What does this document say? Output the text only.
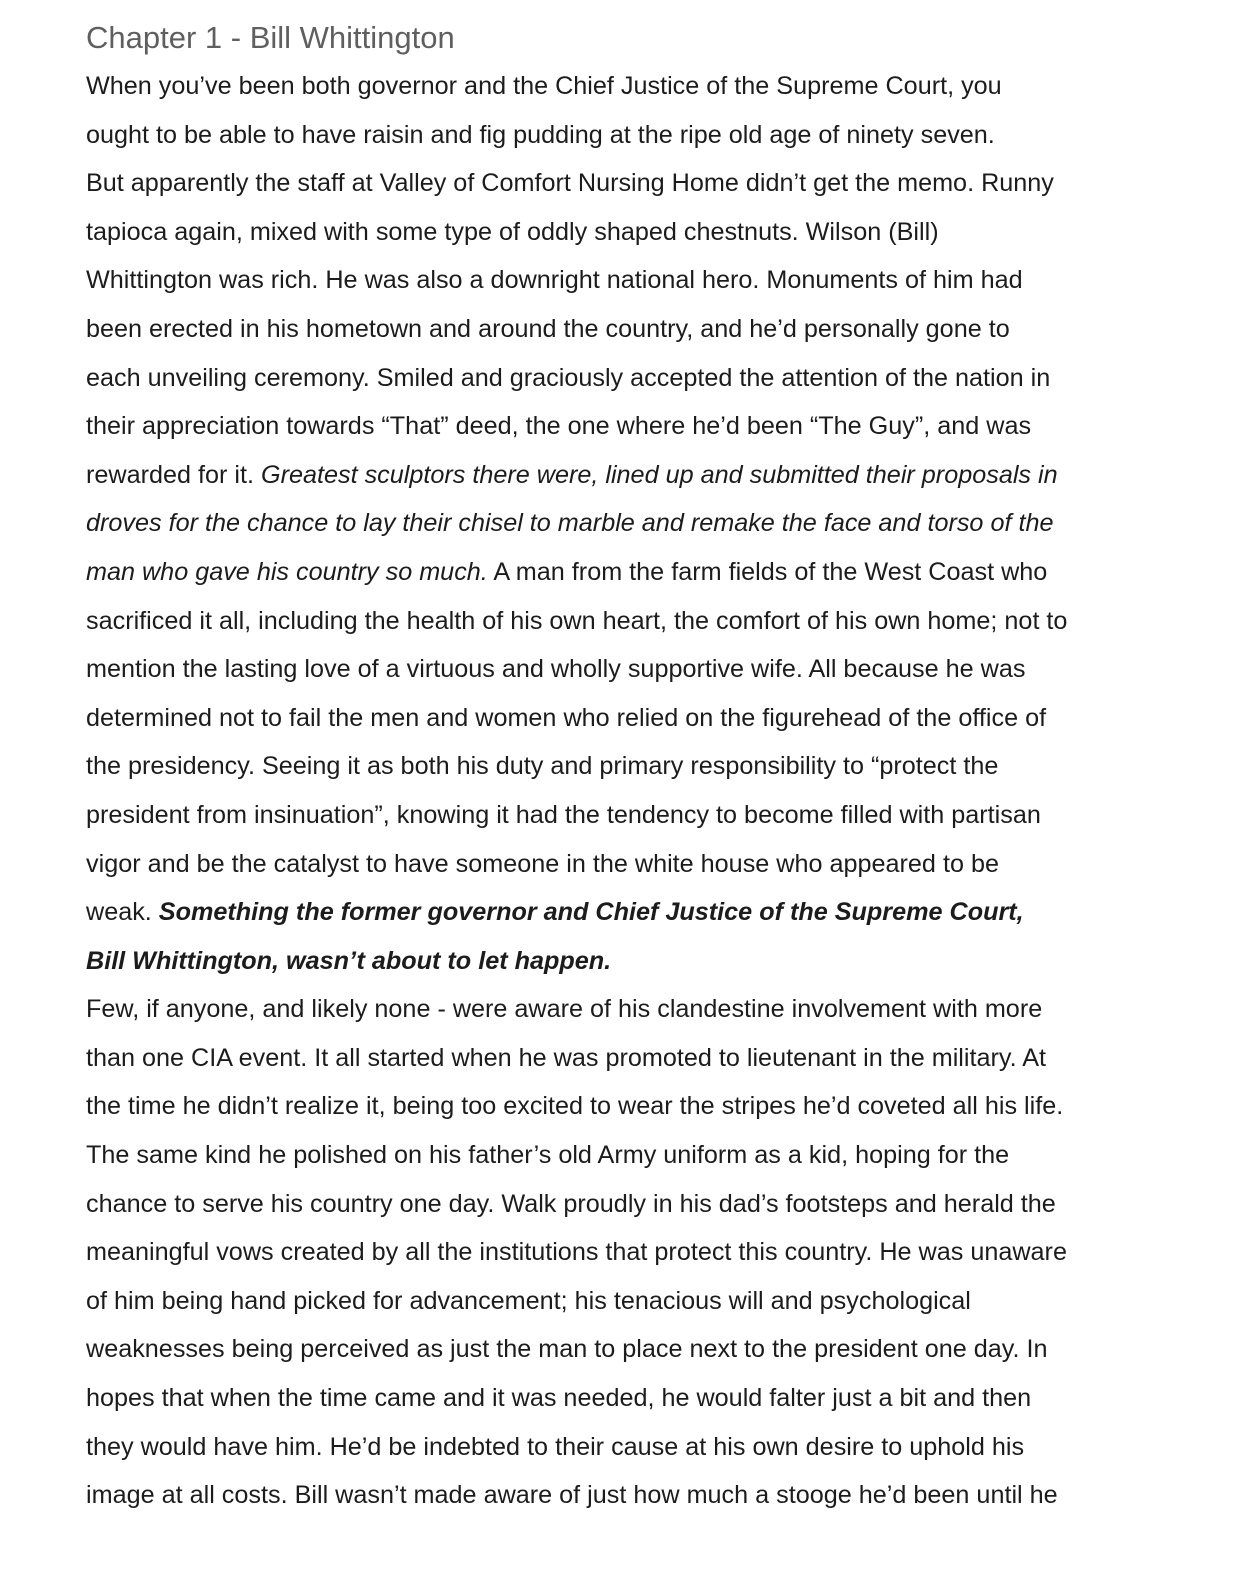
Chapter 1 - Bill Whittington
When you’ve been both governor and the Chief Justice of the Supreme Court, you
ought to be able to have raisin and fig pudding at the ripe old age of ninety seven.
But apparently the staff at Valley of Comfort Nursing Home didn’t get the memo. Runny
tapioca again, mixed with some type of oddly shaped chestnuts. Wilson (Bill)
Whittington was rich. He was also a downright national hero. Monuments of him had
been erected in his hometown and around the country, and he’d personally gone to
each unveiling ceremony. Smiled and graciously accepted the attention of the nation in
their appreciation towards “That” deed, the one where he’d been “The Guy”, and was
rewarded for it. Greatest sculptors there were, lined up and submitted their proposals in
droves for the chance to lay their chisel to marble and remake the face and torso of the
man who gave his country so much. A man from the farm fields of the West Coast who
sacrificed it all, including the health of his own heart, the comfort of his own home; not to
mention the lasting love of a virtuous and wholly supportive wife. All because he was
determined not to fail the men and women who relied on the figurehead of the office of
the presidency. Seeing it as both his duty and primary responsibility to “protect the
president from insinuation”, knowing it had the tendency to become filled with partisan
vigor and be the catalyst to have someone in the white house who appeared to be
weak. Something the former governor and Chief Justice of the Supreme Court,
Bill Whittington, wasn’t about to let happen.
Few, if anyone, and likely none - were aware of his clandestine involvement with more
than one CIA event. It all started when he was promoted to lieutenant in the military. At
the time he didn’t realize it, being too excited to wear the stripes he’d coveted all his life.
The same kind he polished on his father’s old Army uniform as a kid, hoping for the
chance to serve his country one day. Walk proudly in his dad’s footsteps and herald the
meaningful vows created by all the institutions that protect this country. He was unaware
of him being hand picked for advancement; his tenacious will and psychological
weaknesses being perceived as just the man to place next to the president one day. In
hopes that when the time came and it was needed, he would falter just a bit and then
they would have him. He’d be indebted to their cause at his own desire to uphold his
image at all costs. Bill wasn’t made aware of just how much a stooge he’d been until he
